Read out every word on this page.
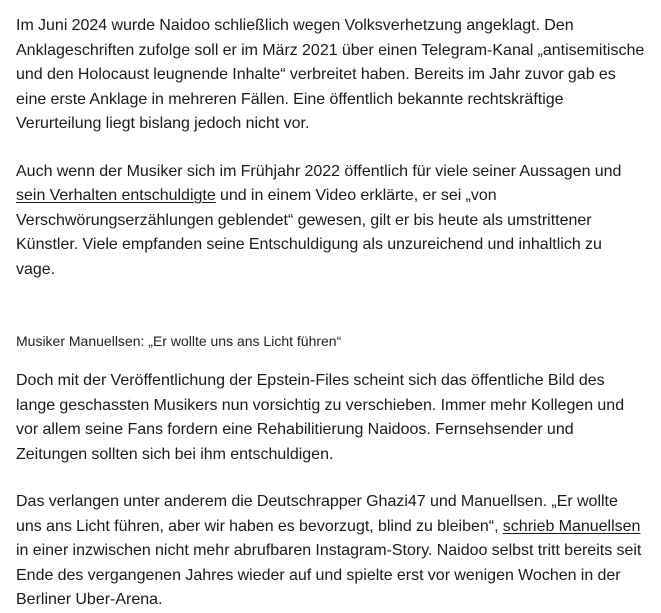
Im Juni 2024 wurde Naidoo schließlich wegen Volksverhetzung angeklagt. Den Anklageschriften zufolge soll er im März 2021 über einen Telegram-Kanal „antisemitische und den Holocaust leugnende Inhalte“ verbreitet haben. Bereits im Jahr zuvor gab es eine erste Anklage in mehreren Fällen. Eine öffentlich bekannte rechtskräftige Verurteilung liegt bislang jedoch nicht vor.

Auch wenn der Musiker sich im Frühjahr 2022 öffentlich für viele seiner Aussagen und sein Verhalten entschuldigte und in einem Video erklärte, er sei „von Verschwörungserzählungen geblendet“ gewesen, gilt er bis heute als umstrittener Künstler. Viele empfanden seine Entschuldigung als unzureichend und inhaltlich zu vage.

Musiker Manuellsen: „Er wollte uns ans Licht führen“

Doch mit der Veröffentlichung der Epstein-Files scheint sich das öffentliche Bild des lange geschassten Musikers nun vorsichtig zu verschieben. Immer mehr Kollegen und vor allem seine Fans fordern eine Rehabilitierung Naidoos. Fernsehsender und Zeitungen sollten sich bei ihm entschuldigen.

Das verlangen unter anderem die Deutschrapper Ghazi47 und Manuellsen. „Er wollte uns ans Licht führen, aber wir haben es bevorzugt, blind zu bleiben“, schrieb Manuellsen in einer inzwischen nicht mehr abrufbaren Instagram-Story. Naidoo selbst tritt bereits seit Ende des vergangenen Jahres wieder auf und spielte erst vor wenigen Wochen in der Berliner Uber-Arena.
